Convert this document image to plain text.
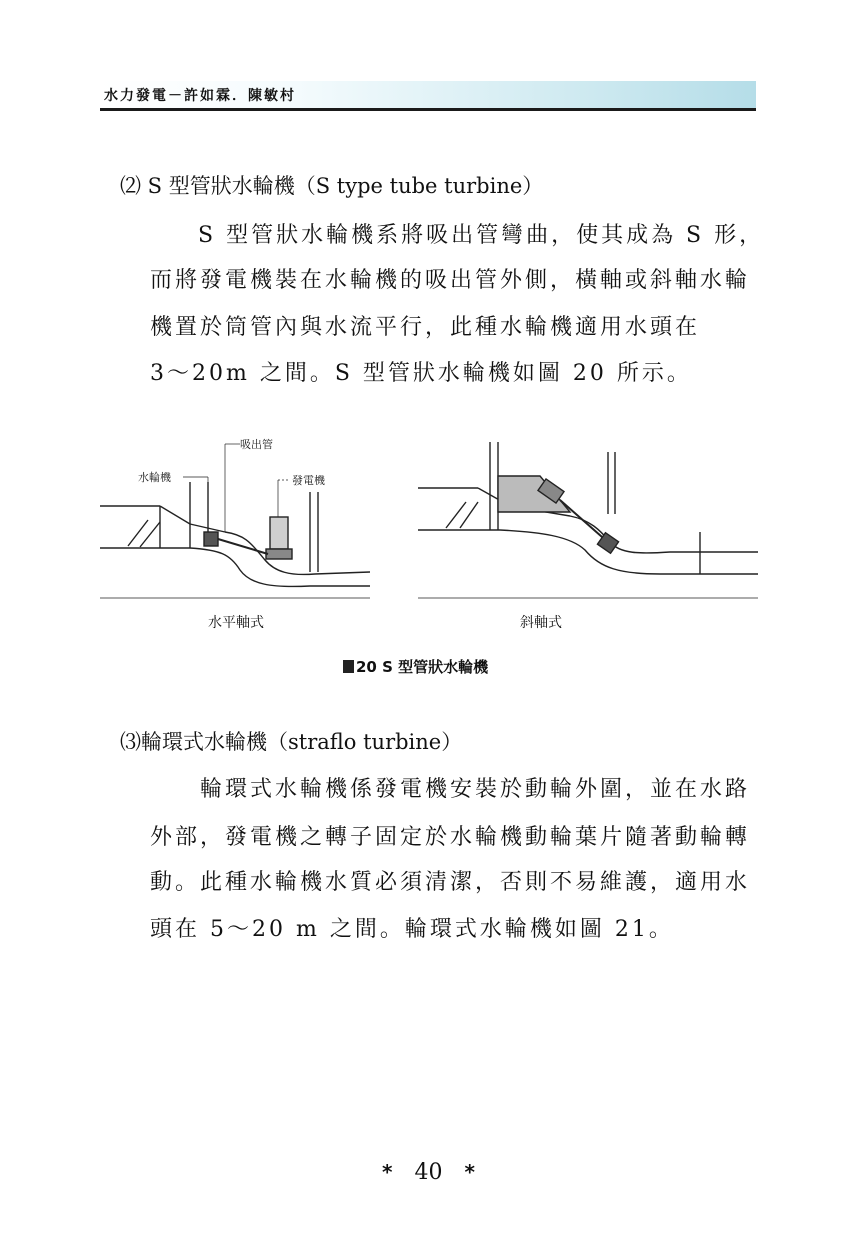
水力發電－許如霖．陳敏村
⑵ S 型管狀水輪機（S type tube turbine）
S 型管狀水輪機系將吸出管彎曲，使其成為 S 形，
而將發電機裝在水輪機的吸出管外側，橫軸或斜軸水輪
機置於筒管內與水流平行，此種水輪機適用水頭在
3～20m 之間。S 型管狀水輪機如圖 20 所示。
吸出管
水輪機	發電機
水平軸式	斜軸式
20 S 型管狀水輪機
⑶輪環式水輪機（straflo turbine）
輪環式水輪機係發電機安裝於動輪外圍，並在水路
外部，發電機之轉子固定於水輪機動輪葉片隨著動輪轉
動。此種水輪機水質必須清潔，否則不易維護，適用水
頭在 5～20 m 之間。輪環式水輪機如圖 21。
* 40 *
